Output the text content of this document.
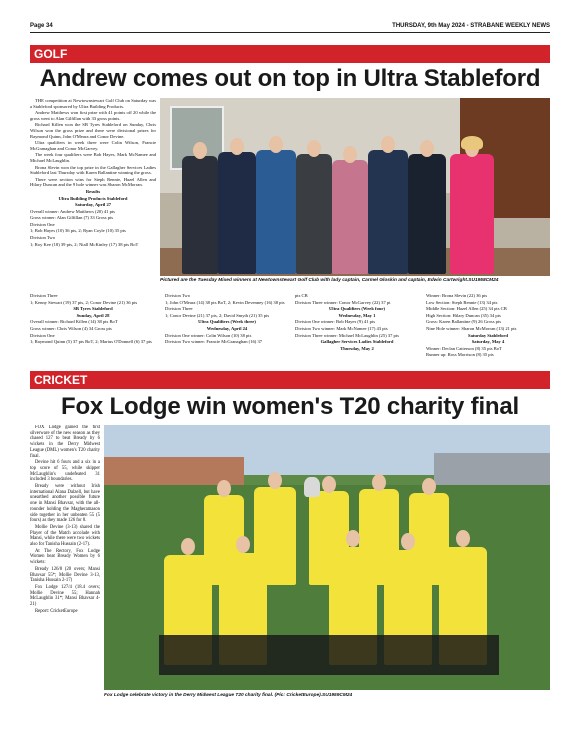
Page 34	THURSDAY, 9th May 2024 - STRABANE WEEKLY NEWS
GOLF
Andrew comes out on top in Ultra Stableford

THE competition at Newtownstewart Golf Club on Saturday was a Stableford sponsored by Ultra Building Products.

Andrew Matthews won first prize with 41 points off 20 while the gross went to Alan Gilfillan with 33 gross points.

Richard Killen won the SB Tyres Stableford on Sunday, Chris Wilson won the gross prize and there were divisional prizes for Raymond Quinn, John O'Meara and Conor Devine.

Ultra qualifiers in week three were Colin Wilson, Francie McGranaghan and Conor McGarvey.

The week four qualifiers were Bob Hayes, Mark McNamee and Michael McLaughlin.

Brona Slevin won the top prize in the Gallagher Services Ladies Stableford last Thursday with Karen Ballantine winning the gross.

There were section wins for Steph Rennie, Hazel Allen and Hilary Duncan and the 9 hole winner was Sharon McMorran.

Results

Ultra Building Products Stableford

Saturday, April 27

Overall winner: Andrew Matthews (20) 41 pts

Gross winner: Alan Gilfillan (7) 33 Gross pts

Division One

1; Bob Hayes (10) 36 pts, 2; Ryan Coyle (10) 35 pts

Division Two

1; Roy Kee (18) 39 pts, 2; Niall McKinley (17) 38 pts BoT

Pictured are the Tuesday Mixed winners at Newtownstewart Golf Club with lady captain, Carmel Gloskin and captain, Edwin Cartwright.SU1958CM24

Division Three

1; Kenny Stewart (19) 37 pts, 2; Conor Devine (21) 36 pts

SB Tyres Stableford

Sunday, April 28

Overall winner: Richard Killen (14) 38 pts BoT

Gross winner: Chris Wilson (4) 34 Gross pts

Division One

1; Raymond Quinn (5) 37 pts BoT, 2; Marius O'Donnell (6) 37 pts

Division Two

1; John O'Meara (14) 38 pts BoT, 2; Kevin Devenney (16) 38 pts

Division Three

1; Conor Devine (21) 37 pts, 2; David Smyth (21) 35 pts

Ultra Qualifiers (Week three)

Wednesday, April 24

Division One winner: Colin Wilson (10) 38 pts

Division Two winner: Francie McGranaghan (16) 37

pts CB

Division Three winner: Conor McGarvey (22) 37 pt

Ultra Qualifiers (Week four)

Wednesday, May 1

Division One winner: Bob Hayes (9) 41 pts

Division Two winner: Mark McNamee (17) 43 pts

Division Three winner: Michael McLaughlin (25) 37 pts

Gallagher Services Ladies Stableford

Thursday, May 2

Winner: Brona Slevin (22) 36 pts

Low Section: Steph Rennie (13) 34 pts

Middle Section: Hazel Allen (25) 34 pts CB

High Section: Hilary Duncan (35) 34 pts

Gross: Karen Ballantine (9) 26 Gross pts

Nine Hole winner: Sharon McMorran (13) 21 pts

Saturday Stableford

Saturday, May 4

Winner: Declan Catterson (8) 35 pts BoT

Runner up: Ross Morrison (8) 35 pts

CRICKET
Fox Lodge win women's T20 charity final

FOX Lodge gained the first silverware of the new season as they chased 127 to beat Bready by 6 wickets in the Derry Midwest League (DML) women's T20 charity final.

Devine hit 6 fours and a six in a top score of 55, while skipper McLaughlin's undefeated 31 included 3 boundaries.

Bready were without Irish international Alana Dalzell, but have unearthed another possible future one in Mansi Bhavsar, with the all-rounder holding the Magheramason side together in her unbeaten 55 (5 fours) as they made 126 for 8.

Mollie Devine (3-13) shared the Player of the Match accolade with Mansi, while there were two wickets also for Tanisha Hussain (2-17).

At The Rectory, Fox Lodge Women beat Bready Women by 6 wickets:

Bready 126/8 (20 overs; Mansi Bhavsar 55*; Mollie Devine 3-13, Tanisha Hussain 2-17)

Fox Lodge 127/4 (18.4 overs; Mollie Devine 55; Hannah McLaughlin 31*; Mansi Bhavsar 4-21)

Report: CricketEurope

Fox Lodge celebrate victory in the Derry Midwest League T20 charity final. (Pic: CricketEurope).SU1959CM24
